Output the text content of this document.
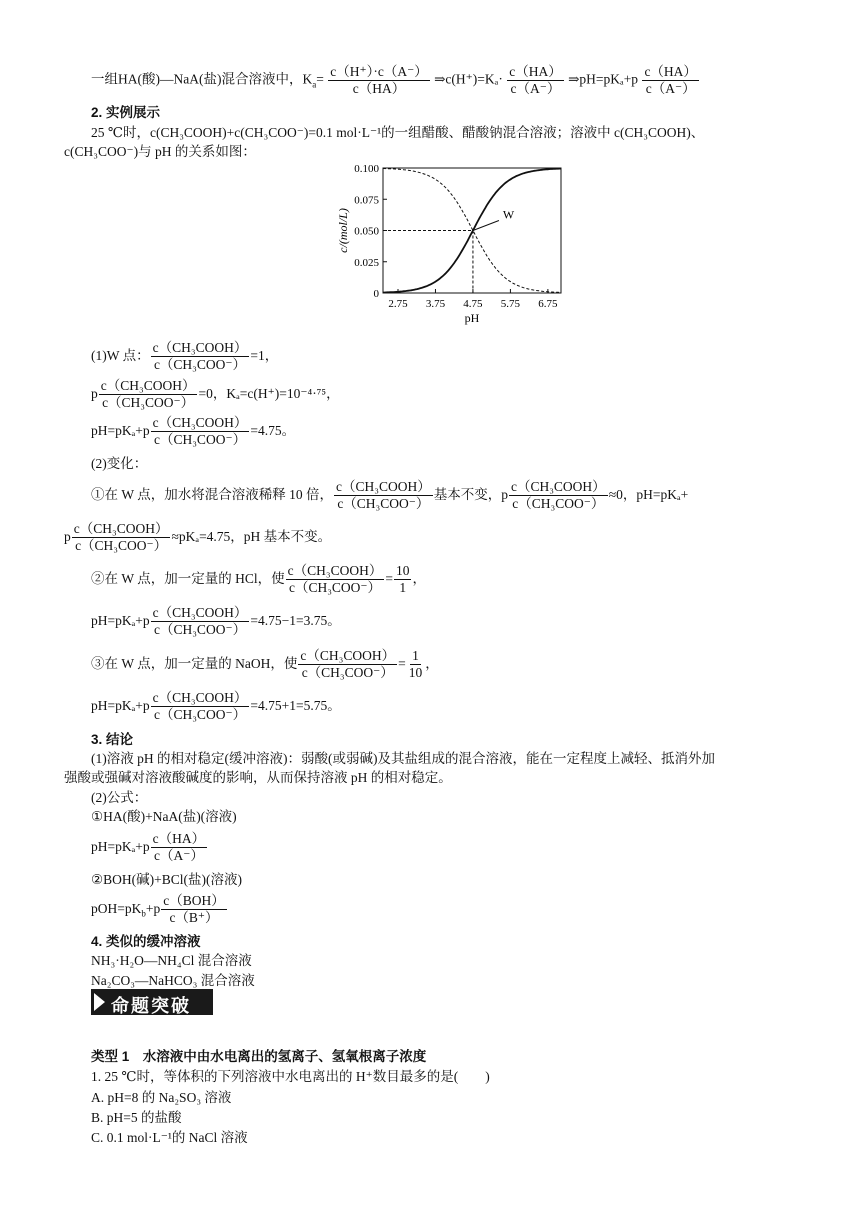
一组HA(酸)—NaA(盐)混合溶液中，$K_a= \frac{c(H^+)\cdot c(A^-)}{c(HA)}$ ⇒c(H⁺)=Kₐ· $\frac{c(HA)}{c(A^-)}$ ⇒pH=pKₐ+p $\frac{c(HA)}{c(A^-)}$
2. 实例展示
25 ℃时，c(CH₃COOH)+c(CH₃COO⁻)=0.1 mol·L⁻¹的一组醋酸、醋酸钠混合溶液；溶液中 c(CH₃COOH)、
c(CH₃COO⁻)与 pH 的关系如图：
2.75 3.75 4.75 5.75 6.75
0
0.025
0.050
0.075
0.100
pH
c/(mol/L)	W
(1)W 点： $\frac{\text{c（CH₃COOH）}}{\text{c（CH₃COO⁻）}} =1$，
p $\frac{\text{c（CH₃COOH）}}{\text{c（CH₃COO⁻）}} =0$，Kₐ=c(H⁺)=10⁻⁴·⁷⁵，
$pH=pK_a+p \frac{\text{c（CH₃COOH）}}{\text{c（CH₃COO⁻）}} =4.75$。
(2)变化：
①在 W 点，加水将混合溶液稀释 10 倍， $\frac{\text{c（CH₃COOH）}}{\text{c（CH₃COO⁻）}}$ 基本不变，p $\frac{\text{c（CH₃COOH）}}{\text{c（CH₃COO⁻）}} \approx 0$，pH=pKₐ+
p $\frac{\text{c（CH₃COOH）}}{\text{c（CH₃COO⁻）}} \approx pK_a=4.75$，pH 基本不变。
②在 W 点，加一定量的 HCl，使 $\frac{\text{c（CH₃COOH）}}{\text{c（CH₃COO⁻）}} = \frac{10}{1}$ ，
$pH=pK_a+p \frac{\text{c（CH₃COOH）}}{\text{c（CH₃COO⁻）}} =4.75-1=3.75$。
③在 W 点，加一定量的 NaOH，使 $\frac{\text{c（CH₃COOH）}}{\text{c（CH₃COO⁻）}} = \frac{1}{10}$ ，
$pH=pK_a+p \frac{\text{c（CH₃COOH）}}{\text{c（CH₃COO⁻）}} =4.75+1=5.75$。
3. 结论
(1)溶液 pH 的相对稳定(缓冲溶液)：弱酸(或弱碱)及其盐组成的混合溶液，能在一定程度上减轻、抵消外加
强酸或强碱对溶液酸碱度的影响，从而保持溶液 pH 的相对稳定。
(2)公式：
①HA(酸)+NaA(盐)(溶液)
$pH=pK_a+p \frac{c(HA)}{c(A^-)}$
②BOH(碱)+BCl(盐)(溶液)
$pOH=pK_b+p \frac{\text{c（BOH）}}{c(B^+)}$
4. 类似的缓冲溶液
NH₃·H₂O—NH₄Cl 混合溶液
Na₂CO₃—NaHCO₃ 混合溶液
命题突破
类型 1　水溶液中由水电离出的氢离子、氢氧根离子浓度
1. 25 ℃时，等体积的下列溶液中水电离出的 H⁺数目最多的是(　　)
A. pH=8 的 Na₂SO₃ 溶液
B. pH=5 的盐酸
C. 0.1 mol·L⁻¹的 NaCl 溶液
